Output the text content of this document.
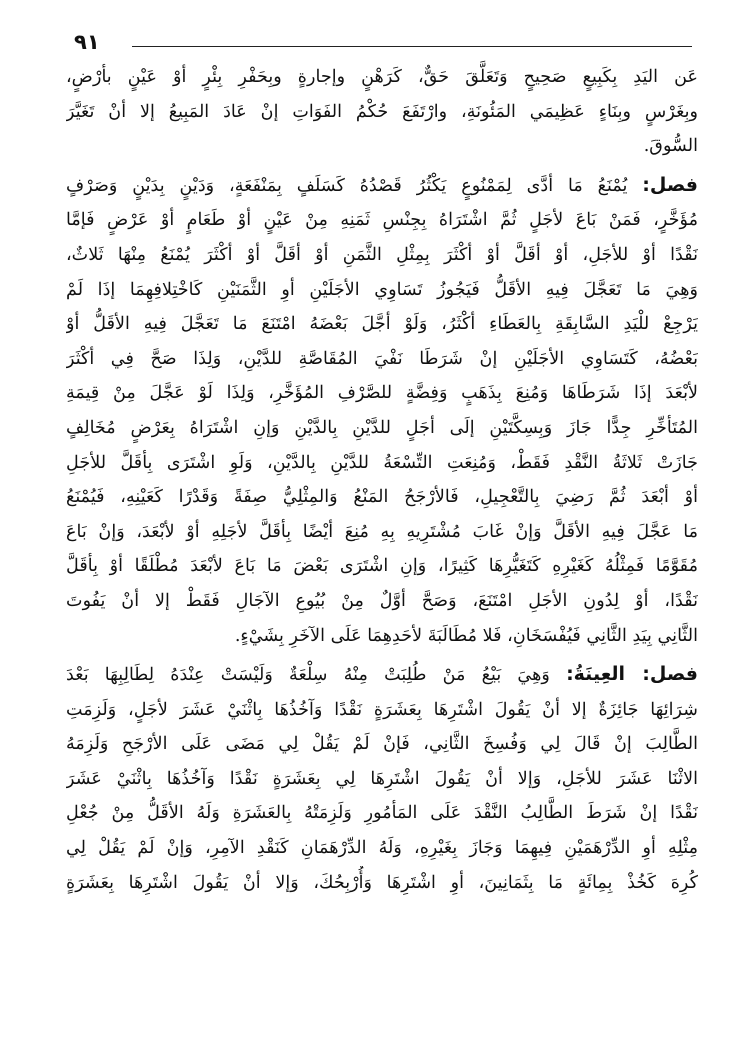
٩١
عَن اليَدِ بِكَبِيعٍ صَحِيحٍ وَتَعَلَّقَ حَقٌّ، كَرَهْنٍ وإجارةٍ وبِحَفْرِ بِئْرٍ أوْ عَيْنٍ بأرْضٍ،
وبِغَرْسٍ وبِنَاءٍ عَظِيمَي المَئُونَةِ، وارْتَفَعَ حُكْمُ الفَوَاتِ إنْ عَادَ المَبِيعُ إلا أنْ تَغَيَّرَ
السُّوقَ.
فصل: يُمْنَعُ مَا أدَّى لِمَمْنُوعٍ يَكْثُرُ قَصْدُهُ كَسَلَفٍ بِمَنْفَعَةٍ، وَدَيْنٍ بِدَيْنٍ وَصَرْفٍ
مُؤَخَّرٍ، فَمَنْ بَاعَ لأجَلٍ ثُمَّ اشْتَرَاهُ بِجِنْسِ ثَمَنِهِ مِنْ عَيْنٍ أوْ طَعَامٍ أوْ عَرْضٍ فَإمَّا
نَقْدًا أوْ للأجَلِ، أوْ أقَلَّ أوْ أكْثَرَ بِمِثْلِ الثَّمَنِ أوْ أقَلَّ أوْ أكْثَرَ يُمْنَعُ مِنْهَا ثَلاثٌ،
وَهِيَ مَا تَعَجَّلَ فِيهِ الأقَلُّ فَيَجُوزُ تَسَاوِي الأجَلَيْنِ أوِ الثَّمَنَيْنِ كَاخْتِلافِهِمَا إذَا لَمْ
يَرْجِعْ للْيَدِ السَّابِقَةِ بِالعَطَاءِ أكْثَرُ، وَلَوْ أجَّلَ بَعْضَهُ امْتَنَعَ مَا تَعَجَّلَ فِيهِ الأقَلُّ أوْ
بَعْضُهُ، كَتَسَاوِي الأجَلَيْنِ إنْ شَرَطَا نَفْيَ المُقَاصَّةِ للدَّيْنِ، وَلِذَا صَحَّ فِي أكْثَرَ
لأبْعَدَ إذَا شَرَطَاهَا وَمُنِعَ بِذَهَبٍ وَفِضَّةٍ للصَّرْفِ المُؤَخَّرِ، وَلِذَا لَوْ عَجَّلَ مِنْ قِيمَةِ
المُتَأخِّرِ جِدًّا جَازَ وَبِسِكَّتَيْنِ إلَى أجَلٍ للدَّيْنِ بِالدَّيْنِ وَإنِ اشْتَرَاهُ بِعَرْضٍ مُخَالِفٍ
جَازَتْ ثَلاثَةُ النَّقْدِ فَقَطْ، وَمُنِعَتِ التِّسْعَةُ للدَّيْنِ بِالدَّيْنِ، وَلَوِ اشْتَرَى بِأقَلَّ للأجَلِ
أوْ أبْعَدَ ثُمَّ رَضِيَ بِالتَّعْجِيلِ، فَالأرْجَحُ المَنْعُ وَالمِثْلِيُّ صِفَةً وَقَدْرًا كَعَيْنِهِ، فَيُمْنَعُ
مَا عَجَّلَ فِيهِ الأقَلَّ وَإنْ غَابَ مُشْتَرِيهِ بِهِ مُنِعَ أيْضًا بِأقَلَّ لأجَلِهِ أوْ لأبْعَدَ، وَإنْ بَاعَ
مُقَوَّمًا فَمِثْلُهُ كَغَيْرِهِ كَتَغَيُّرِهَا كَثِيرًا، وَإنِ اشْتَرَى بَعْضَ مَا بَاعَ لأبْعَدَ مُطْلَقًا أوْ بِأقَلَّ
نَقْدًا، أوْ لِدُونِ الأجَلِ امْتَنَعَ، وَصَحَّ أوَّلٌ مِنْ بُيُوعِ الآجَالِ فَقَطْ إلا أنْ يَفُوتَ
الثَّانِي بِيَدِ الثَّانِي فَيُفْسَخَانِ، فَلا مُطَالَبَةَ لأحَدِهِمَا عَلَى الآخَرِ بِشَيْءٍ.
فصل: العِينَةُ: وَهِيَ بَيْعُ مَنْ طُلِبَتْ مِنْهُ سِلْعَةٌ وَلَيْسَتْ عِنْدَهُ لِطَالِبِهَا بَعْدَ
شِرَائِهَا جَائِزَةٌ إلا أنْ يَقُولَ اشْتَرِهَا بِعَشَرَةٍ نَقْدًا وَآخُذُهَا بِاثْنَيْ عَشَرَ لأجَلٍ، وَلَزِمَتِ
الطَّالِبَ إنْ قَالَ لِي وَفُسِخَ الثَّانِي، فَإنْ لَمْ يَقُلْ لِي مَضَى عَلَى الأرْجَحِ وَلَزِمَهُ
الاثْنَا عَشَرَ للأجَلِ، وَإلا أنْ يَقُولَ اشْتَرِهَا لِي بِعَشَرَةٍ نَقْدًا وَآخُذُهَا بِاثْنَيْ عَشَرَ
نَقْدًا إنْ شَرَطَ الطَّالِبُ النَّقْدَ عَلَى المَأمُورِ وَلَزِمَتْهُ بِالعَشَرَةِ وَلَهُ الأقَلُّ مِنْ جُعْلِ
مِثْلِهِ أوِ الدِّرْهَمَيْنِ فِيهِمَا وَجَازَ بِغَيْرِهِ، وَلَهُ الدِّرْهَمَانِ كَنَقْدِ الآمِرِ، وَإنْ لَمْ يَقُلْ لِي
كُرِهَ كَخُذْ بِمِائَةٍ مَا بِثَمَانِينَ، أوِ اشْتَرِهَا وَأُرْبِحُكَ، وَإلا أنْ يَقُولَ اشْتَرِهَا بِعَشَرَةٍ
